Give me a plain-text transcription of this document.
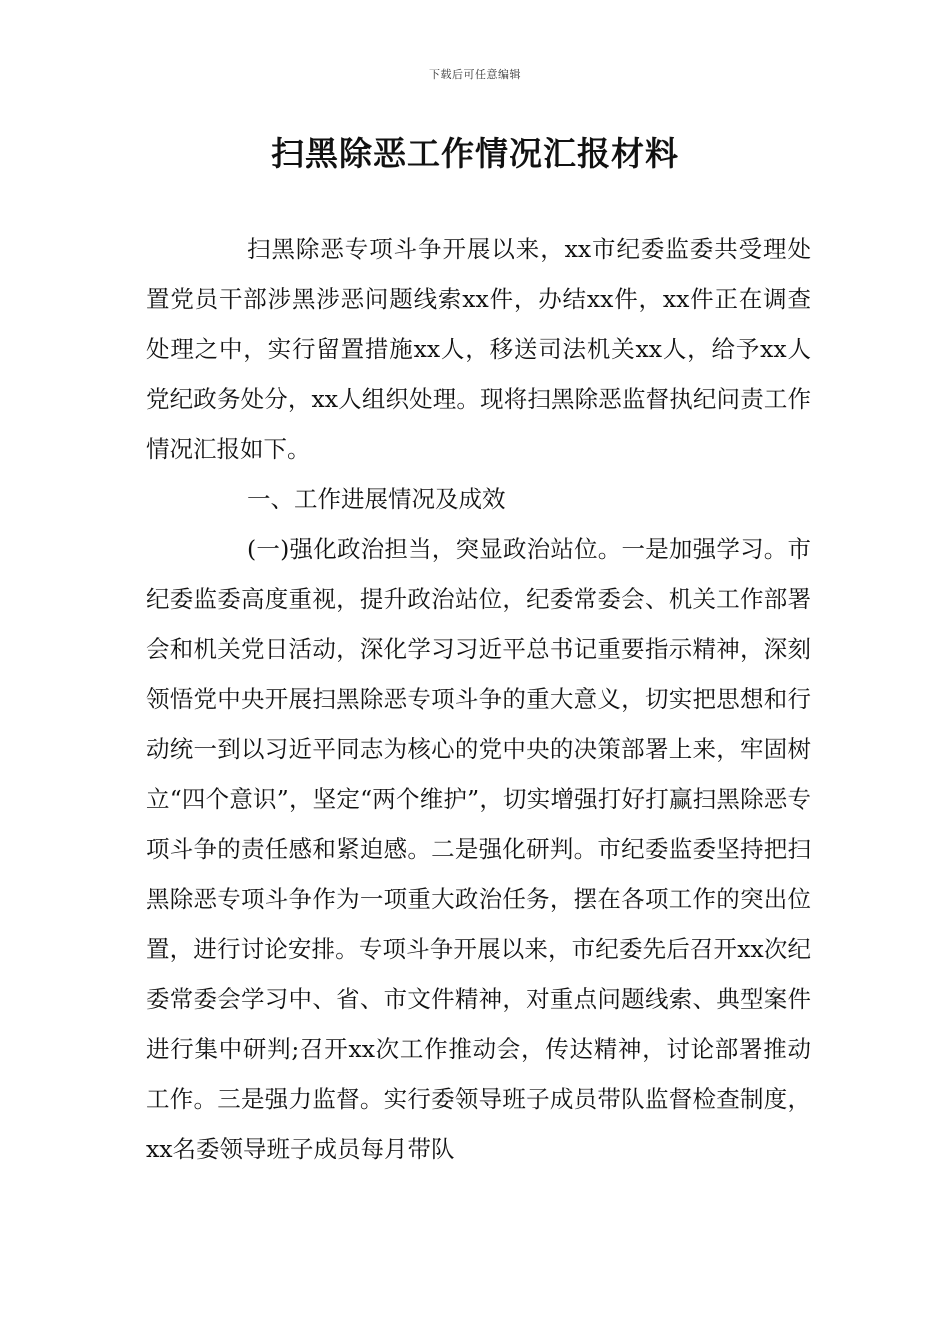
下载后可任意编辑
扫黑除恶工作情况汇报材料

扫黑除恶专项斗争开展以来，xx市纪委监委共受理处置党员干部涉黑涉恶问题线索xx件，办结xx件，xx件正在调查处理之中，实行留置措施xx人，移送司法机关xx人，给予xx人党纪政务处分，xx人组织处理。现将扫黑除恶监督执纪问责工作情况汇报如下。

一、工作进展情况及成效

(一)强化政治担当，突显政治站位。一是加强学习。市纪委监委高度重视，提升政治站位，纪委常委会、机关工作部署会和机关党日活动，深化学习习近平总书记重要指示精神，深刻领悟党中央开展扫黑除恶专项斗争的重大意义，切实把思想和行动统一到以习近平同志为核心的党中央的决策部署上来，牢固树立“四个意识”，坚定“两个维护”，切实增强打好打赢扫黑除恶专项斗争的责任感和紧迫感。二是强化研判。市纪委监委坚持把扫黑除恶专项斗争作为一项重大政治任务，摆在各项工作的突出位置，进行讨论安排。专项斗争开展以来，市纪委先后召开xx次纪委常委会学习中、省、市文件精神，对重点问题线索、典型案件进行集中研判;召开xx次工作推动会，传达精神，讨论部署推动工作。三是强力监督。实行委领导班子成员带队监督检查制度，xx名委领导班子成员每月带队
